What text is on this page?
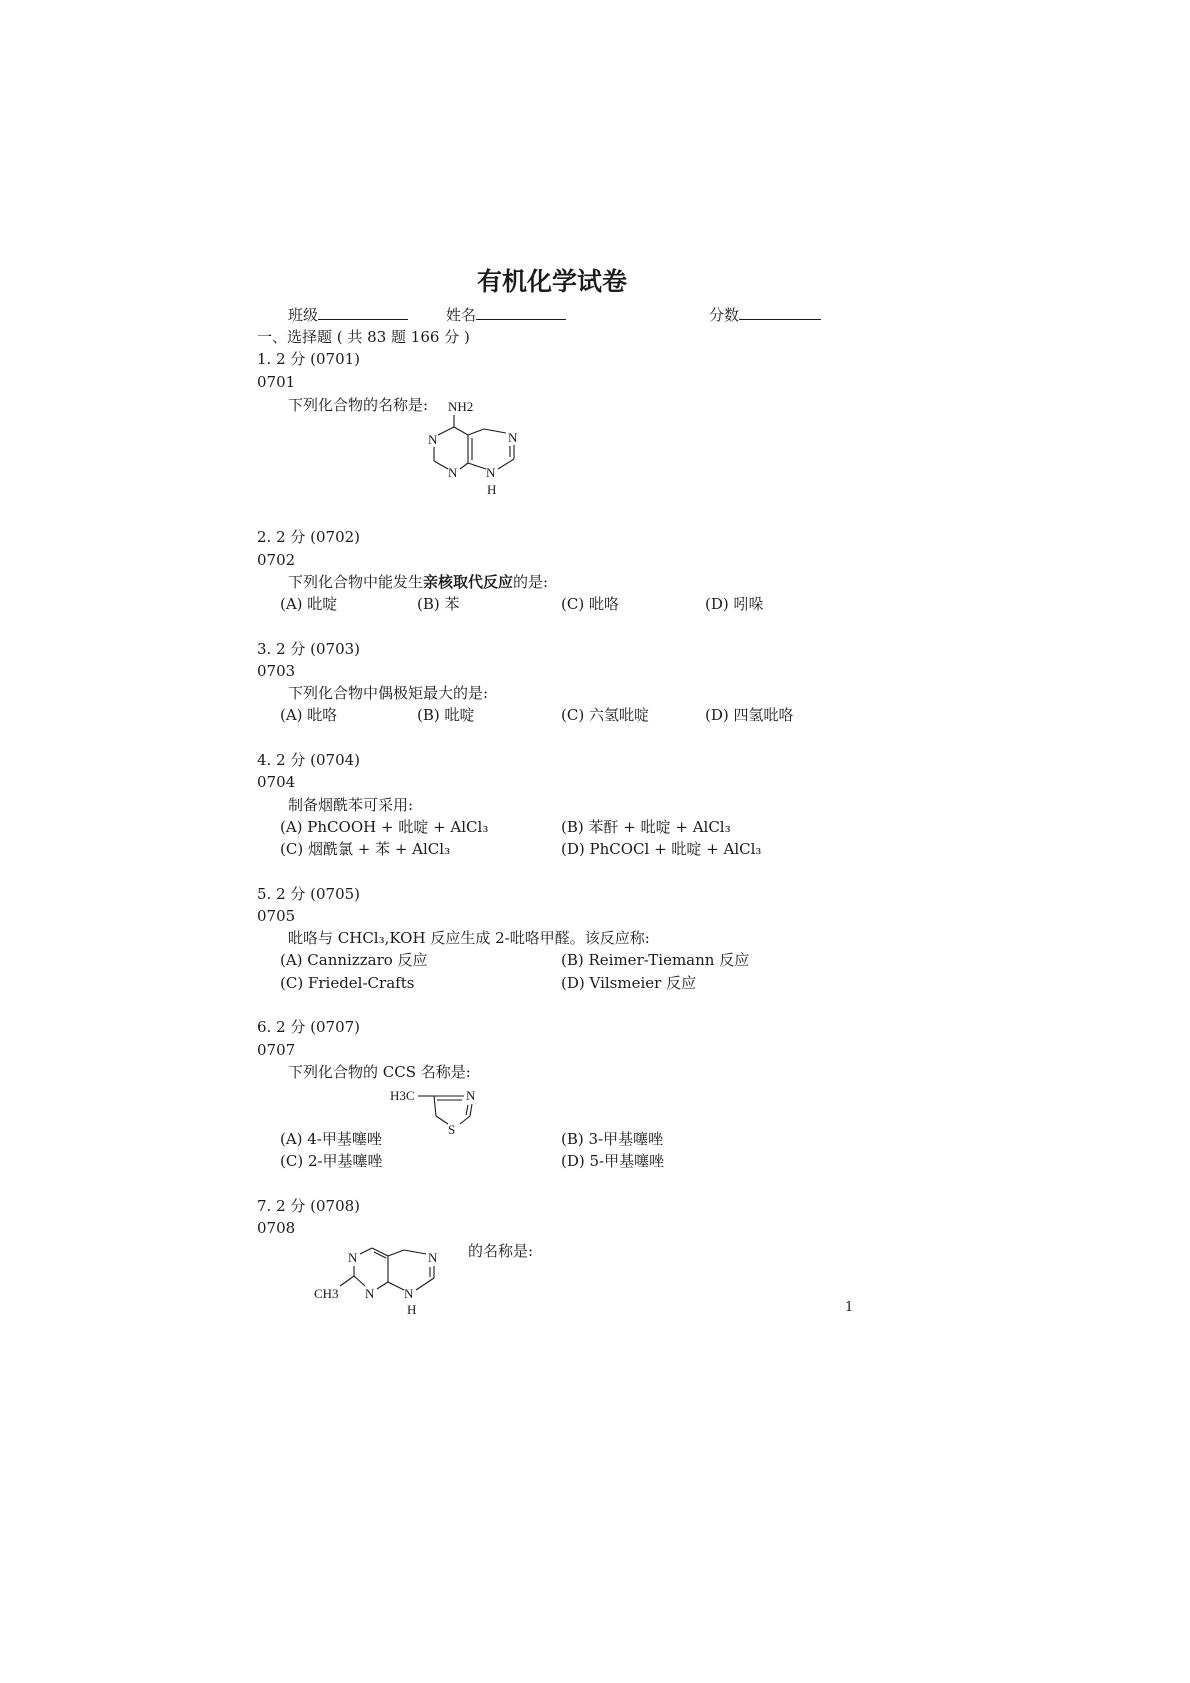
有机化学试卷
班级	姓名	分数
一、选择题 ( 共 83 题 166 分 )
1. 2 分 (0701)
0701
下列化合物的名称是: NH2
N	N
N N
H
2. 2 分 (0702)
0702
下列化合物中能发生亲核取代反应的是:
(A) 吡啶	(B) 苯	(C) 吡咯	(D) 吲哚
3. 2 分 (0703)
0703
下列化合物中偶极矩最大的是:
(A) 吡咯	(B) 吡啶	(C) 六氢吡啶	(D) 四氢吡咯
4. 2 分 (0704)
0704
制备烟酰苯可采用:
(A) PhCOOH + 吡啶 + AlCl₃	(B) 苯酐 + 吡啶 + AlCl₃
(C) 烟酰氯 + 苯 + AlCl₃	(D) PhCOCl + 吡啶 + AlCl₃
5. 2 分 (0705)
0705
吡咯与 CHCl₃,KOH 反应生成 2-吡咯甲醛。该反应称:
(A) Cannizzaro 反应	(B) Reimer-Tiemann 反应
(C) Friedel-Crafts	(D) Vilsmeier 反应
6. 2 分 (0707)
0707
下列化合物的 CCS 名称是:
H3C	N
S
(A) 4-甲基噻唑	(B) 3-甲基噻唑
(C) 2-甲基噻唑	(D) 5-甲基噻唑
7. 2 分 (0708)
0708
N	N
N N
CH3
H
的名称是:
1
